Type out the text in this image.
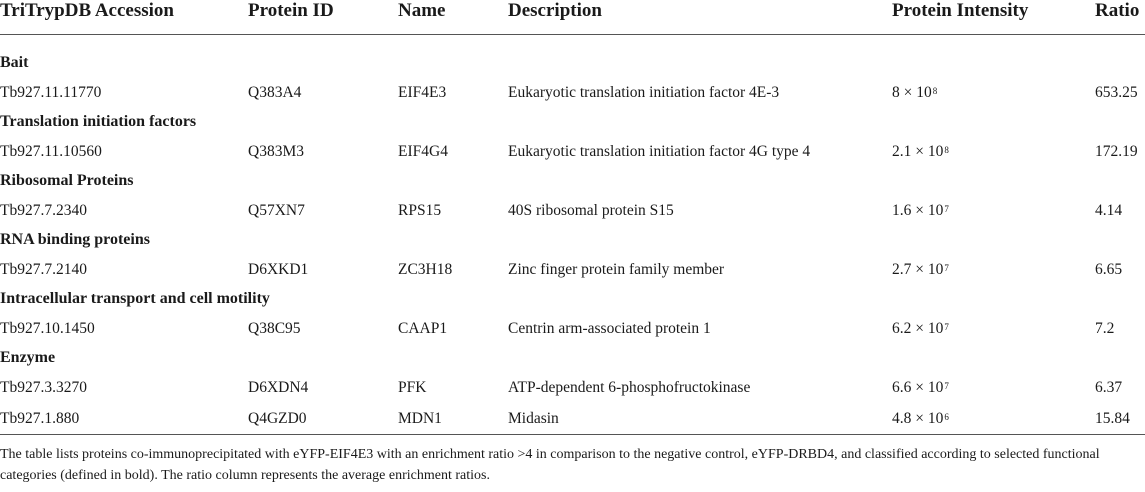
TriTrypDB Accession	Protein ID	Name	Description	Protein Intensity	Ratio

Bait					
Tb927.11.11770	Q383A4	EIF4E3	Eukaryotic translation initiation factor 4E-3	$8 \times 10^8$	653.25
Translation initiation factors					
Tb927.11.10560	Q383M3	EIF4G4	Eukaryotic translation initiation factor 4G type 4	$2.1 \times 10^8$	172.19
Ribosomal Proteins					
Tb927.7.2340	Q57XN7	RPS15	40S ribosomal protein S15	$1.6 \times 10^7$	4.14
RNA binding proteins					
Tb927.7.2140	D6XKD1	ZC3H18	Zinc finger protein family member	$2.7 \times 10^7$	6.65
Intracellular transport and cell motility					
Tb927.10.1450	Q38C95	CAAP1	Centrin arm-associated protein 1	$6.2 \times 10^7$	7.2
Enzyme					
Tb927.3.3270	D6XDN4	PFK	ATP-dependent 6-phosphofructokinase	$6.6 \times 10^7$	6.37
Tb927.1.880	Q4GZD0	MDN1	Midasin	$4.8 \times 10^6$	15.84
The table lists proteins co-immunoprecipitated with eYFP-EIF4E3 with an enrichment ratio >4 in comparison to the negative control, eYFP-DRBD4, and classified according to selected functional categories (defined in bold). The ratio column represents the average enrichment ratios.
